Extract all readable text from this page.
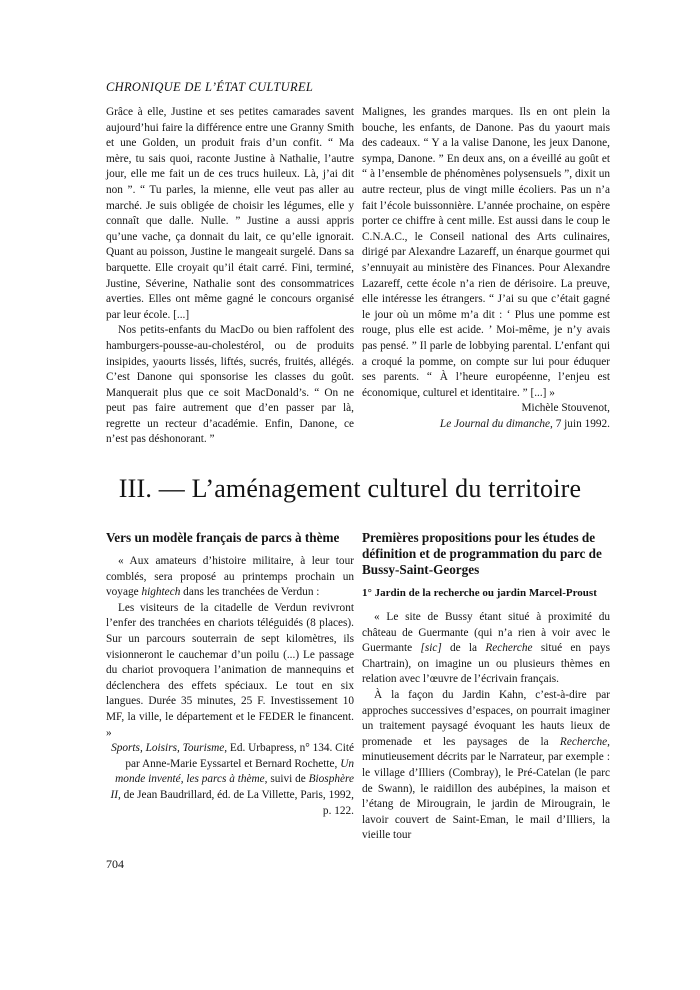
CHRONIQUE DE L’ÉTAT CULTUREL

Grâce à elle, Justine et ses petites camarades savent aujourd’hui faire la différence entre une Granny Smith et une Golden, un produit frais d’un confit. “ Ma mère, tu sais quoi, raconte Justine à Nathalie, l’autre jour, elle me fait un de ces trucs huileux. Là, j’ai dit non ”. “ Tu parles, la mienne, elle veut pas aller au marché. Je suis obligée de choisir les légumes, elle y connaît que dalle. Nulle. ” Justine a aussi appris qu’une vache, ça donnait du lait, ce qu’elle ignorait. Quant au poisson, Justine le mangeait surgelé. Dans sa barquette. Elle croyait qu’il était carré. Fini, terminé, Justine, Séverine, Nathalie sont des consommatrices averties. Elles ont même gagné le concours organisé par leur école. [...]

Nos petits-enfants du MacDo ou bien raffolent des hamburgers-pousse-au-cholestérol, ou de produits insipides, yaourts lissés, liftés, sucrés, fruités, allégés. C’est Danone qui sponsorise les classes du goût. Manquerait plus que ce soit MacDonald’s. “ On ne peut pas faire autrement que d’en passer par là, regrette un recteur d’académie. Enfin, Danone, ce n’est pas déshonorant. ”

Malignes, les grandes marques. Ils en ont plein la bouche, les enfants, de Danone. Pas du yaourt mais des cadeaux. “ Y a la valise Danone, les jeux Danone, sympa, Danone. ” En deux ans, on a éveillé au goût et “ à l’ensemble de phénomènes polysensuels ”, dixit un autre recteur, plus de vingt mille écoliers. Pas un n’a fait l’école buissonnière. L’année prochaine, on espère porter ce chiffre à cent mille. Est aussi dans le coup le C.N.A.C., le Conseil national des Arts culinaires, dirigé par Alexandre Lazareff, un énarque gourmet qui s’ennuyait au ministère des Finances. Pour Alexandre Lazareff, cette école n’a rien de dérisoire. La preuve, elle intéresse les étrangers. “ J’ai su que c’était gagné le jour où un môme m’a dit : ‘ Plus une pomme est rouge, plus elle est acide. ’ Moi-même, je n’y avais pas pensé. ” Il parle de lobbying parental. L’enfant qui a croqué la pomme, on compte sur lui pour éduquer ses parents. “ À l’heure européenne, l’enjeu est économique, culturel et identitaire. ” [...] »

Michèle Stouvenot,

Le Journal du dimanche, 7 juin 1992.

III. — L’aménagement culturel du territoire

Vers un modèle français de parcs à thème

« Aux amateurs d’histoire militaire, à leur tour comblés, sera proposé au printemps prochain un voyage hightech dans les tranchées de Verdun :

Les visiteurs de la citadelle de Verdun revivront l’enfer des tranchées en chariots téléguidés (8 places). Sur un parcours souterrain de sept kilomètres, ils visionneront le cauchemar d’un poilu (...) Le passage du chariot provoquera l’animation de mannequins et déclenchera des effets spéciaux. Le tout en six langues. Durée 35 minutes, 25 F. Investissement 10 MF, la ville, le département et le FEDER le financent. »

Sports, Loisirs, Tourisme, Ed. Urbapress, n° 134. Cité par Anne-Marie Eyssartel et Bernard Rochette, Un monde inventé, les parcs à thème, suivi de Biosphère II, de Jean Baudrillard, éd. de La Villette, Paris, 1992, p. 122.

Premières propositions pour les études de définition et de programmation du parc de Bussy-Saint-Georges

1° Jardin de la recherche ou jardin Marcel-Proust

« Le site de Bussy étant situé à proximité du château de Guermante (qui n’a rien à voir avec le Guermante [sic] de la Recherche situé en pays Chartrain), on imagine un ou plusieurs thèmes en relation avec l’œuvre de l’écrivain français.

À la façon du Jardin Kahn, c’est-à-dire par approches successives d’espaces, on pourrait imaginer un traitement paysagé évoquant les hauts lieux de promenade et les paysages de la Recherche, minutieusement décrits par le Narrateur, par exemple : le village d’Illiers (Combray), le Pré-Catelan (le parc de Swann), le raidillon des aubépines, la maison et l’étang de Mirougrain, le jardin de Mirougrain, le lavoir couvert de Saint-Eman, le mail d’Illiers, la vieille tour

704
